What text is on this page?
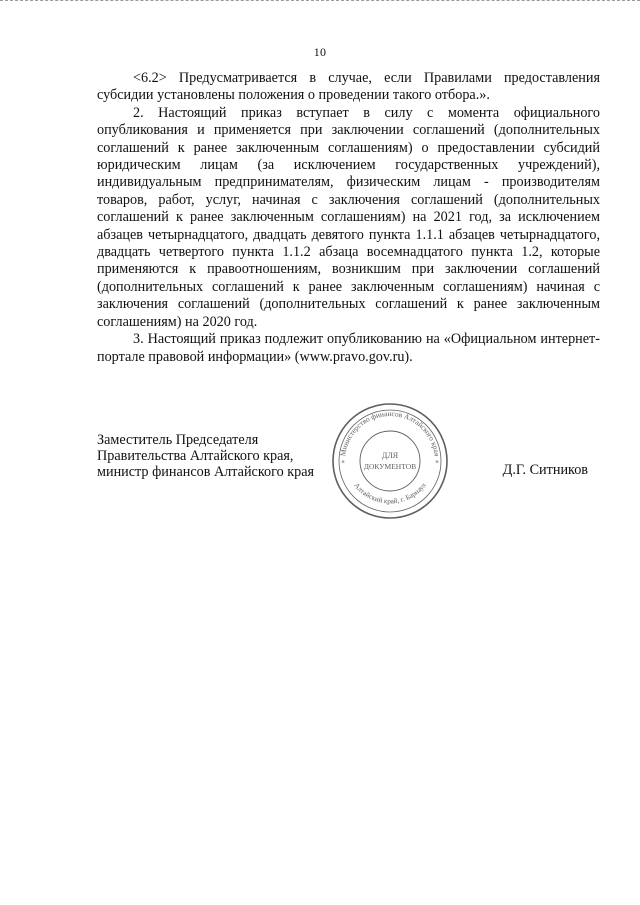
10

<6.2> Предусматривается в случае, если Правилами предоставления субсидии установлены положения о проведении такого отбора.».

2. Настоящий приказ вступает в силу с момента официального опубликования и применяется при заключении соглашений (дополнительных соглашений к ранее заключенным соглашениям) о предоставлении субсидий юридическим лицам (за исключением государственных учреждений), индивидуальным предпринимателям, физическим лицам - производителям товаров, работ, услуг, начиная с заключения соглашений (дополнительных соглашений к ранее заключенным соглашениям) на 2021 год, за исключением абзацев четырнадцатого, двадцать девятого пункта 1.1.1 абзацев четырнадцатого, двадцать четвертого пункта 1.1.2 абзаца восемнадцатого пункта 1.2, которые применяются к правоотношениям, возникшим при заключении соглашений (дополнительных соглашений к ранее заключенным соглашениям) начиная с заключения соглашений (дополнительных соглашений к ранее заключенным соглашениям) на 2020 год.

3. Настоящий приказ подлежит опубликованию на «Официальном интернет-портале правовой информации» (www.pravo.gov.ru).

Заместитель Председателя
Правительства Алтайского края,
министр финансов Алтайского края	Д.Г. Ситников
Министерство финансов Алтайского края
Алтайский край, г. Барнаул
ДЛЯ
ДОКУМЕНТОВ
*	*
